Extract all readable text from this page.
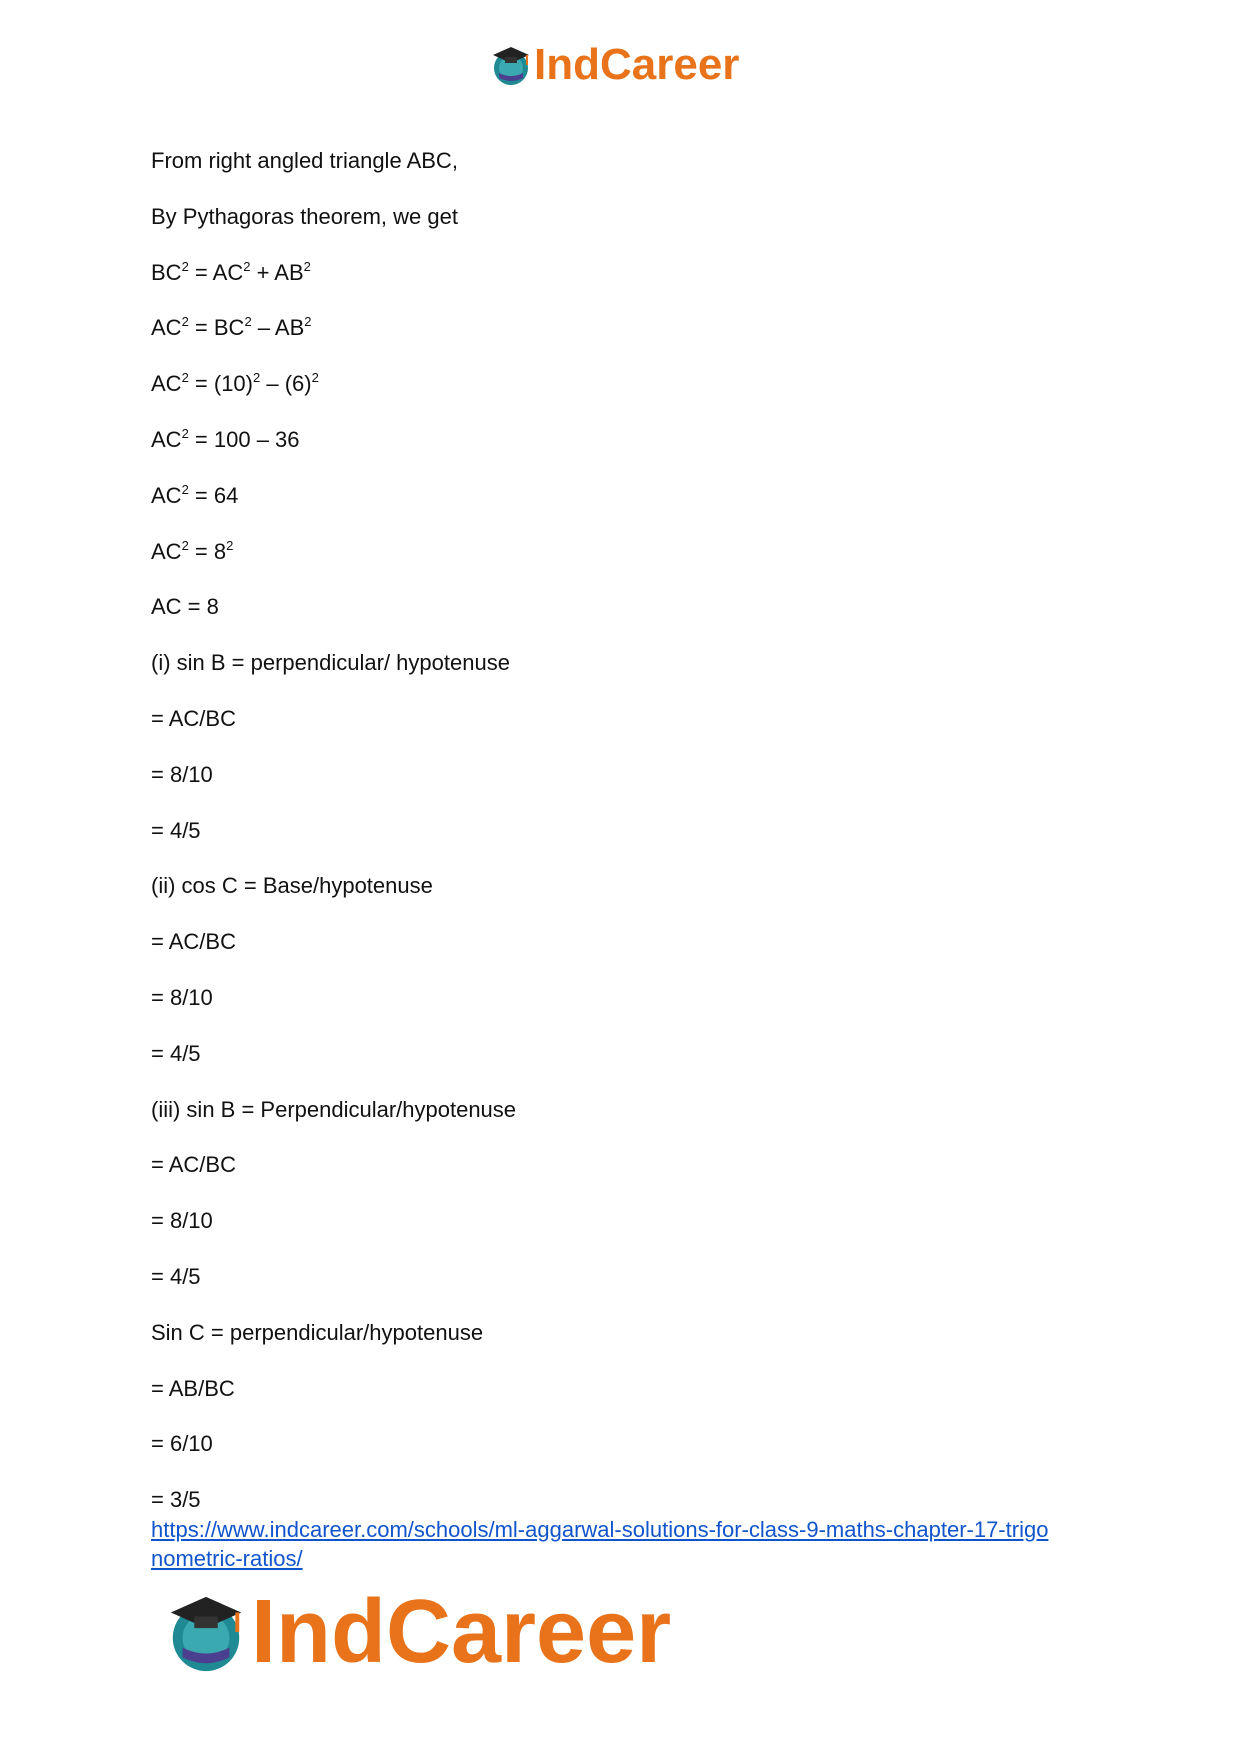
IndCareer
From right angled triangle ABC,
By Pythagoras theorem, we get
$BC^2 = AC^2 + AB^2$
$AC^2 = BC^2 - AB^2$
$AC^2 = (10)^2 - (6)^2$
$AC^2 = 100 - 36$
$AC^2 = 64$
$AC^2 = 8^2$
AC = 8
(i) sin B = perpendicular/ hypotenuse
= AC/BC
= 8/10
= 4/5
(ii) cos C = Base/hypotenuse
= AC/BC
= 8/10
= 4/5
(iii) sin B = Perpendicular/hypotenuse
= AC/BC
= 8/10
= 4/5
Sin C = perpendicular/hypotenuse
= AB/BC
= 6/10
= 3/5
https://www.indcareer.com/schools/ml-aggarwal-solutions-for-class-9-maths-chapter-17-trigo
nometric-ratios/
IndCareer
